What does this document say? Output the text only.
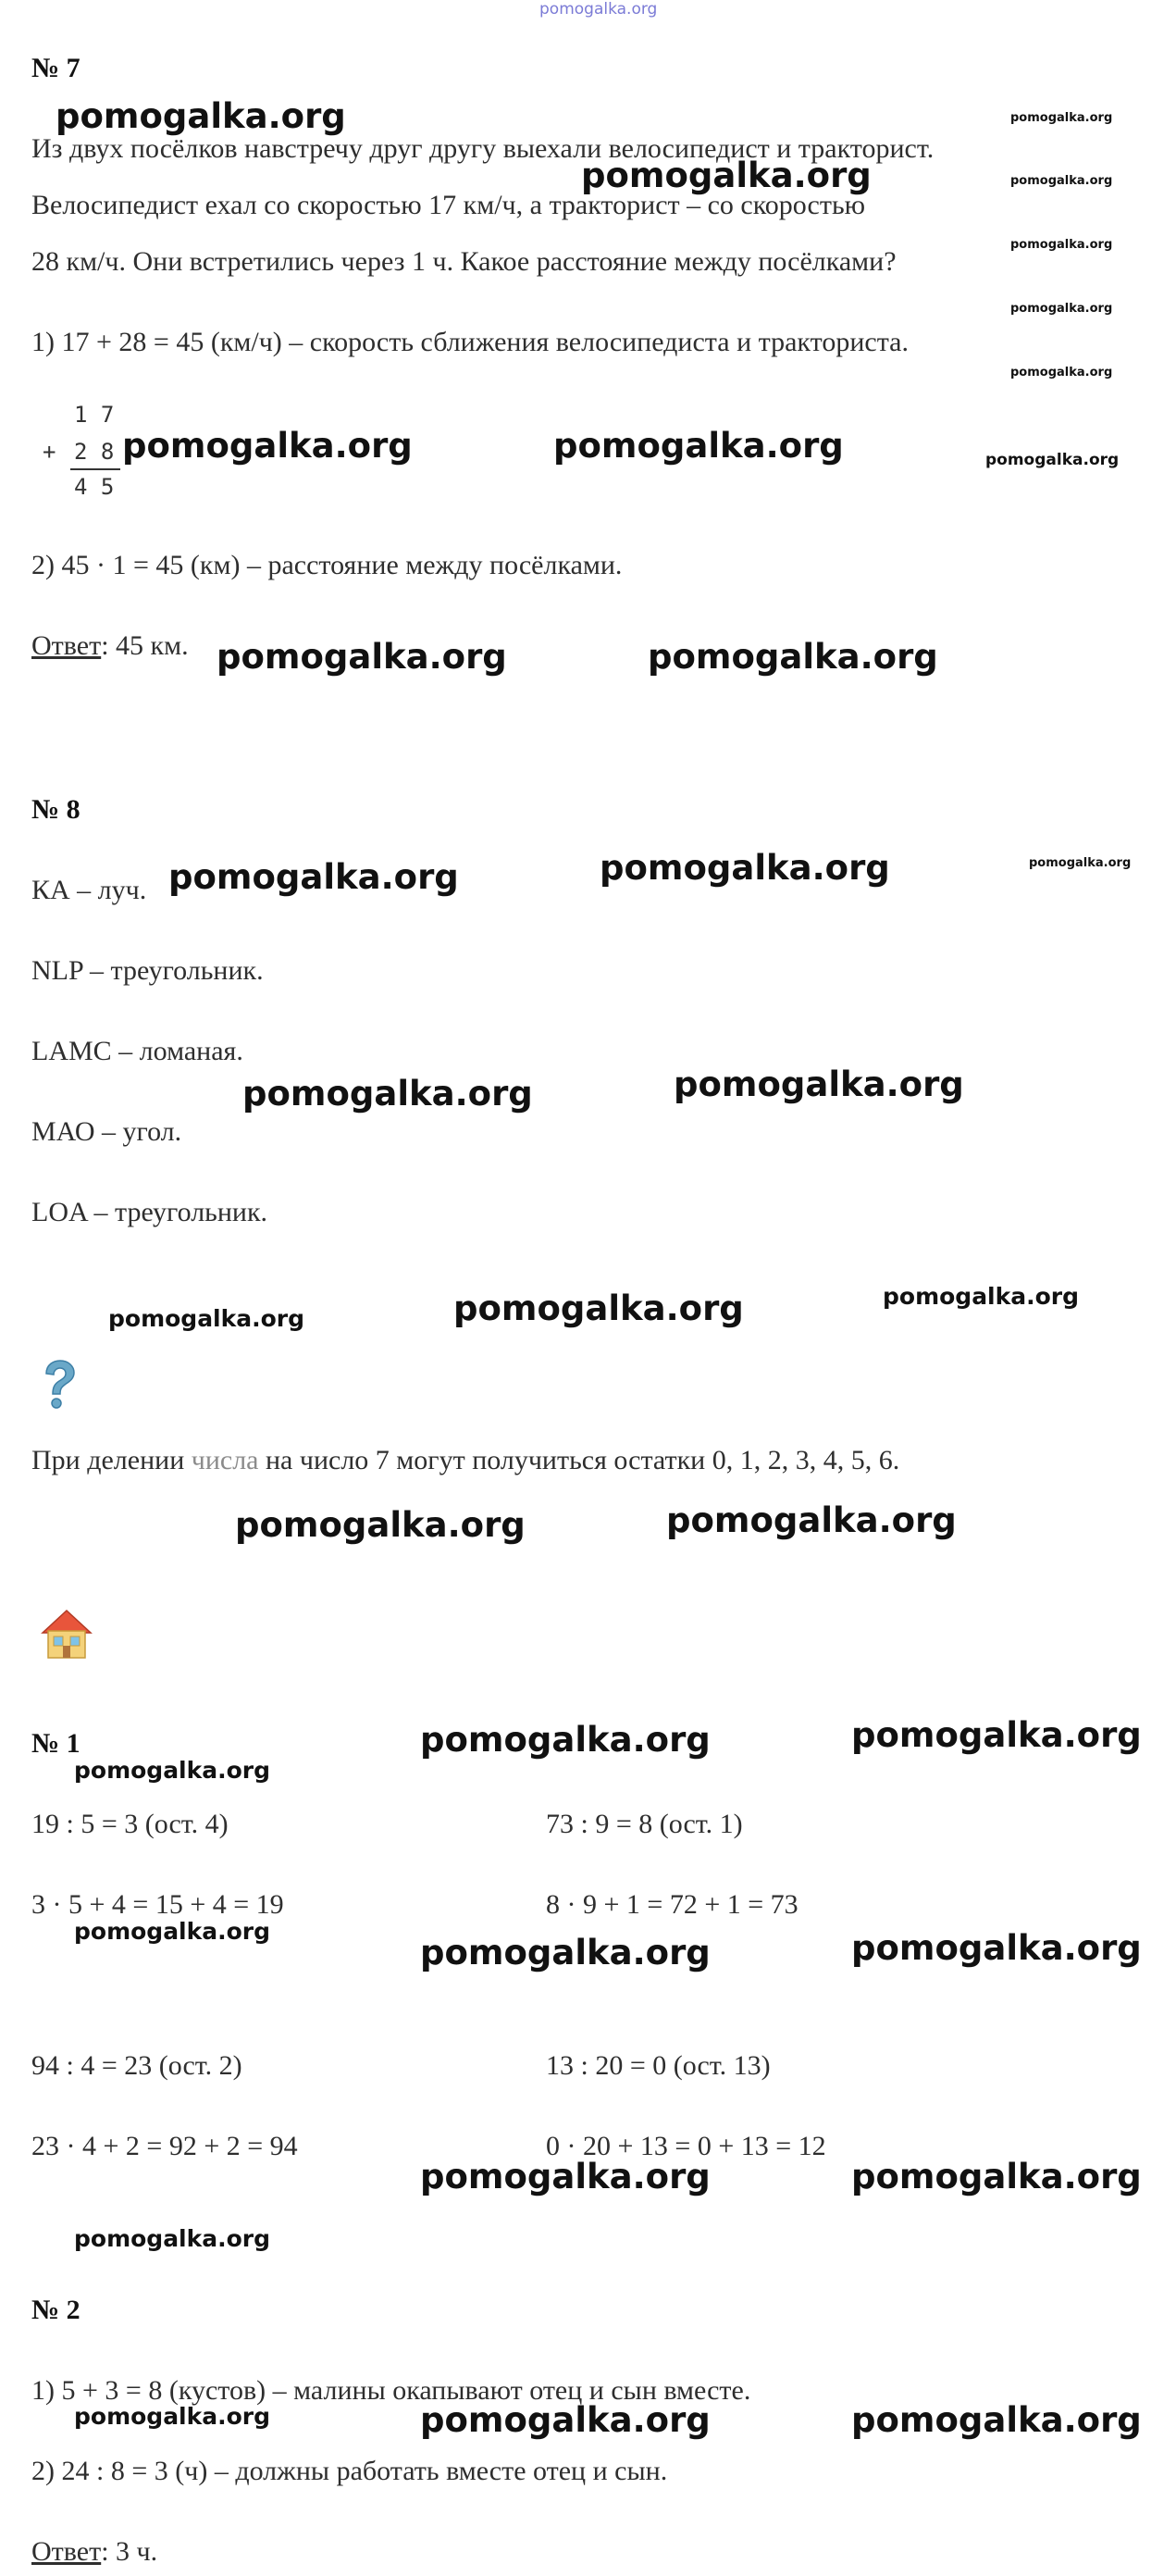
pomogalka.org
№ 7
Из двух посёлков навстречу друг другу выехали велосипедист и тракторист.
Велосипедист ехал со скоростью 17 км/ч, а тракторист – со скоростью
28 км/ч. Они встретились через 1 ч. Какое расстояние между посёлками?
1) 17 + 28 = 45 (км/ч) – скорость сближения велосипедиста и тракториста.
1 7
+ 2 8
4 5
2) 45 · 1 = 45 (км) – расстояние между посёлками.
Ответ: 45 км.
№ 8
КА – луч.
NLP – треугольник.
LAMC – ломаная.
МАО – угол.
LOA – треугольник.
При делении числа на число 7 могут получиться остатки 0, 1, 2, 3, 4, 5, 6.
№ 1
19 : 5 = 3 (ост. 4)	73 : 9 = 8 (ост. 1)
3 · 5 + 4 = 15 + 4 = 19	8 · 9 + 1 = 72 + 1 = 73
94 : 4 = 23 (ост. 2)	13 : 20 = 0 (ост. 13)
23 · 4 + 2 = 92 + 2 = 94	0 · 20 + 13 = 0 + 13 = 12
№ 2
1) 5 + 3 = 8 (кустов) – малины окапывают отец и сын вместе.
2) 24 : 8 = 3 (ч) – должны работать вместе отец и сын.
Ответ: 3 ч.
pomogalka.org
pomogalka.org
pomogalka.org
pomogalka.org
pomogalka.org
pomogalka.org
pomogalka.org
pomogalka.org	pomogalka.org	pomogalka.org
pomogalka.org	pomogalka.org
pomogalka.org	pomogalka.org	pomogalka.org
pomogalka.org	pomogalka.org
pomogalka.org	pomogalka.org	pomogalka.org
pomogalka.org	pomogalka.org
pomogalka.org
pomogalka.org	pomogalka.org
pomogalka.org
pomogalka.org	pomogalka.org
pomogalka.org	pomogalka.org
pomogalka.org
pomogalka.org	pomogalka.org	pomogalka.org
